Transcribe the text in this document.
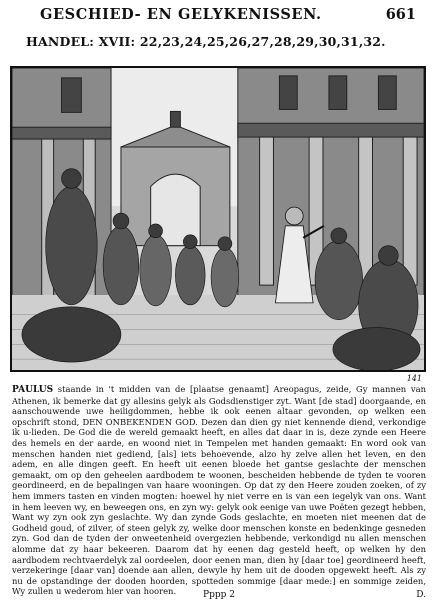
GESCHIED- EN GELYKENISSEN.	661
HANDEL: XVII: 22,23,24,25,26,27,28,29,30,31,32.
141

PAULUS staande in 't midden van de [plaatse genaamt] Areopagus, zeide, Gy mannen van Athenen, ik bemerke dat gy allesins gelyk als Godsdienstiger zyt. Want [de stad] doorgaande, en aanschouwende uwe heiligdommen, hebbe ik ook eenen altaar gevonden, op welken een opschrift stond, DEN ONBEKENDEN GOD. Dezen dan dien gy niet kennende diend, verkondige ik u-lieden. De God die de wereld gemaakt heeft, en alles dat daar in is, deze zynde een Heere des hemels en der aarde, en woond niet in Tempelen met handen gemaakt: En word ook van menschen handen niet gediend, [als] iets behoevende, alzo hy zelve allen het leven, en den adem, en alle dingen geeft. En heeft uit eenen bloede het gantse geslachte der menschen gemaakt, om op den geheelen aardbodem te woonen, bescheiden hebbende de tyden te vooren geordineerd, en de bepalingen van haare wooningen. Op dat zy den Heere zouden zoeken, of zy hem immers tasten en vinden mogten: hoewel hy niet verre en is van een iegelyk van ons. Want in hem leeven wy, en beweegen ons, en zyn wy: gelyk ook eenige van uwe Poëten gezegt hebben, Want wy zyn ook zyn geslachte. Wy dan zynde Gods geslachte, en moeten niet meenen dat de Godheid goud, of zilver, of steen gelyk zy, welke door menschen konste en bedenkinge gesneden zyn. God dan de tyden der onweetenheid overgezien hebbende, verkondigd nu allen menschen alomme dat zy haar bekeeren. Daarom dat hy eenen dag gesteld heeft, op welken hy den aardbodem rechtvaerdelyk zal oordeelen, door eenen man, dien hy [daar toe] geordineerd heeft, verzekeringe [daar van] doende aan allen, dewyle hy hem uit de dooden opgewekt heeft. Als zy nu de opstandinge der dooden hoorden, spotteden sommige [daar mede:] en sommige zeiden, Wy zullen u wederom hier van hooren.	Pppp 2	D.
